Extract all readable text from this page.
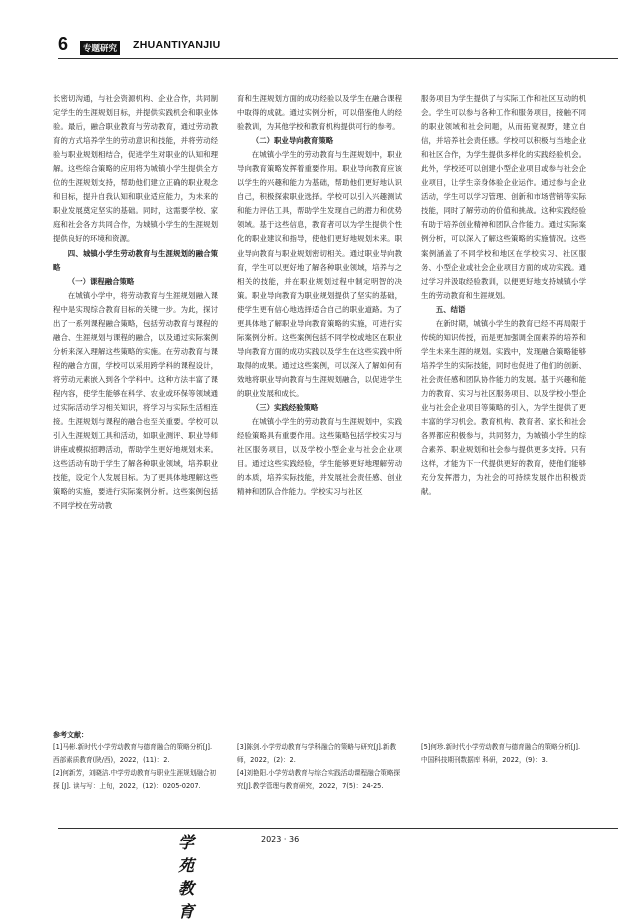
6	专题研究 ZHUANTIYANJIU

长密切沟通，与社会资源机构、企业合作，共同制定学生的生涯规划目标，并提供实践机会和职业体验。最后，融合职业教育与劳动教育，通过劳动教育的方式培养学生的劳动意识和技能，并将劳动经验与职业规划相结合，促进学生对职业的认知和理解。这些综合策略的应用将为城镇小学生提供全方位的生涯规划支持，帮助他们建立正确的职业观念和目标，提升自我认知和职业适应能力，为未来的职业发展奠定坚实的基础。同时，这需要学校、家庭和社会各方共同合作，为城镇小学生的生涯规划提供良好的环境和资源。

四、城镇小学生劳动教育与生涯规划的融合策略

（一）课程融合策略

在城镇小学中，将劳动教育与生涯规划融入课程中是实现综合教育目标的关键一步。为此，探讨出了一系列课程融合策略，包括劳动教育与课程的融合、生涯规划与课程的融合，以及通过实际案例分析来深入理解这些策略的实施。在劳动教育与课程的融合方面，学校可以采用跨学科的课程设计，将劳动元素嵌入到各个学科中。这种方法丰富了课程内容，使学生能够在科学、农业或环保等领域通过实际活动学习相关知识，将学习与实际生活相连接。生涯规划与课程的融合也至关重要。学校可以引入生涯规划工具和活动，如职业测评、职业导师讲座或模拟招聘活动，帮助学生更好地规划未来。这些活动有助于学生了解各种职业领域，培养职业技能，设定个人发展目标。为了更具体地理解这些策略的实施，要进行实际案例分析。这些案例包括不同学校在劳动教

育和生涯规划方面的成功经验以及学生在融合课程中取得的成就。通过实例分析，可以借鉴他人的经验教训，为其他学校和教育机构提供可行的参考。

（二）职业导向教育策略

在城镇小学生的劳动教育与生涯规划中，职业导向教育策略发挥着重要作用。职业导向教育应该以学生的兴趣和能力为基础，帮助他们更好地认识自己，积极探索职业选择。学校可以引入兴趣测试和能力评估工具，帮助学生发现自己的潜力和优势领域。基于这些信息，教育者可以为学生提供个性化的职业建议和指导，使他们更好地规划未来。职业导向教育与职业规划密切相关。通过职业导向教育，学生可以更好地了解各种职业领域，培养与之相关的技能，并在职业规划过程中制定明智的决策。职业导向教育为职业规划提供了坚实的基础，使学生更有信心地选择适合自己的职业道路。为了更具体地了解职业导向教育策略的实施，可进行实际案例分析。这些案例包括不同学校或地区在职业导向教育方面的成功实践以及学生在这些实践中所取得的成果。通过这些案例，可以深入了解如何有效地将职业导向教育与生涯规划融合，以促进学生的职业发展和成长。

（三）实践经验策略

在城镇小学生的劳动教育与生涯规划中，实践经验策略具有重要作用。这些策略包括学校实习与社区服务项目，以及学校小型企业与社会企业项目。通过这些实践经验，学生能够更好地理解劳动的本质，培养实际技能，并发展社会责任感、创业精神和团队合作能力。学校实习与社区

服务项目为学生提供了与实际工作和社区互动的机会。学生可以参与各种工作和服务项目，接触不同的职业领域和社会问题，从而拓宽视野，建立自信，并培养社会责任感。学校可以积极与当地企业和社区合作，为学生提供多样化的实践经验机会。此外，学校还可以创建小型企业项目或参与社会企业项目，让学生亲身体验企业运作。通过参与企业活动，学生可以学习管理、创新和市场营销等实际技能，同时了解劳动的价值和挑战。这种实践经验有助于培养创业精神和团队合作能力。通过实际案例分析，可以深入了解这些策略的实施情况。这些案例涵盖了不同学校和地区在学校实习、社区服务、小型企业或社会企业项目方面的成功实践。通过学习并汲取经验教训，以便更好地支持城镇小学生的劳动教育和生涯规划。

五、结语

在新时期，城镇小学生的教育已经不再局限于传统的知识传授，而是更加强调全面素养的培养和学生未来生涯的规划。实践中，发现融合策略能够培养学生的实际技能，同时也促进了他们的创新、社会责任感和团队协作能力的发展。基于兴趣和能力的教育、实习与社区服务项目、以及学校小型企业与社会企业项目等策略的引入，为学生提供了更丰富的学习机会。教育机构、教育者、家长和社会各界都应积极参与，共同努力，为城镇小学生的综合素养、职业规划和社会参与提供更多支持。只有这样，才能为下一代提供更好的教育，使他们能够充分发挥潜力，为社会的可持续发展作出积极贡献。

参考文献：
[1]马彬.新时代小学劳动教育与德育融合的策略分析[J].西部素质教育(陕/西)，2022，(11)：2.
[2]何新芳，刘晓洁.中学劳动教育与职业生涯规划融合初探 [J]. 读与写：上旬，2022，(12)：0205-0207.
[3]陈剑.小学劳动教育与学科融合的策略与研究[J].新教师，2022，(2)：2.
[4]刘艳阳.小学劳动教育与综合实践活动课程融合策略探究[J].教学管理与教育研究，2022，7(5)：24-25.
[5]何珍.新时代小学劳动教育与德育融合的策略分析[J].中国科技期刊数据库 科研，2022，(9)：3.
学苑教育
2023 · 36
